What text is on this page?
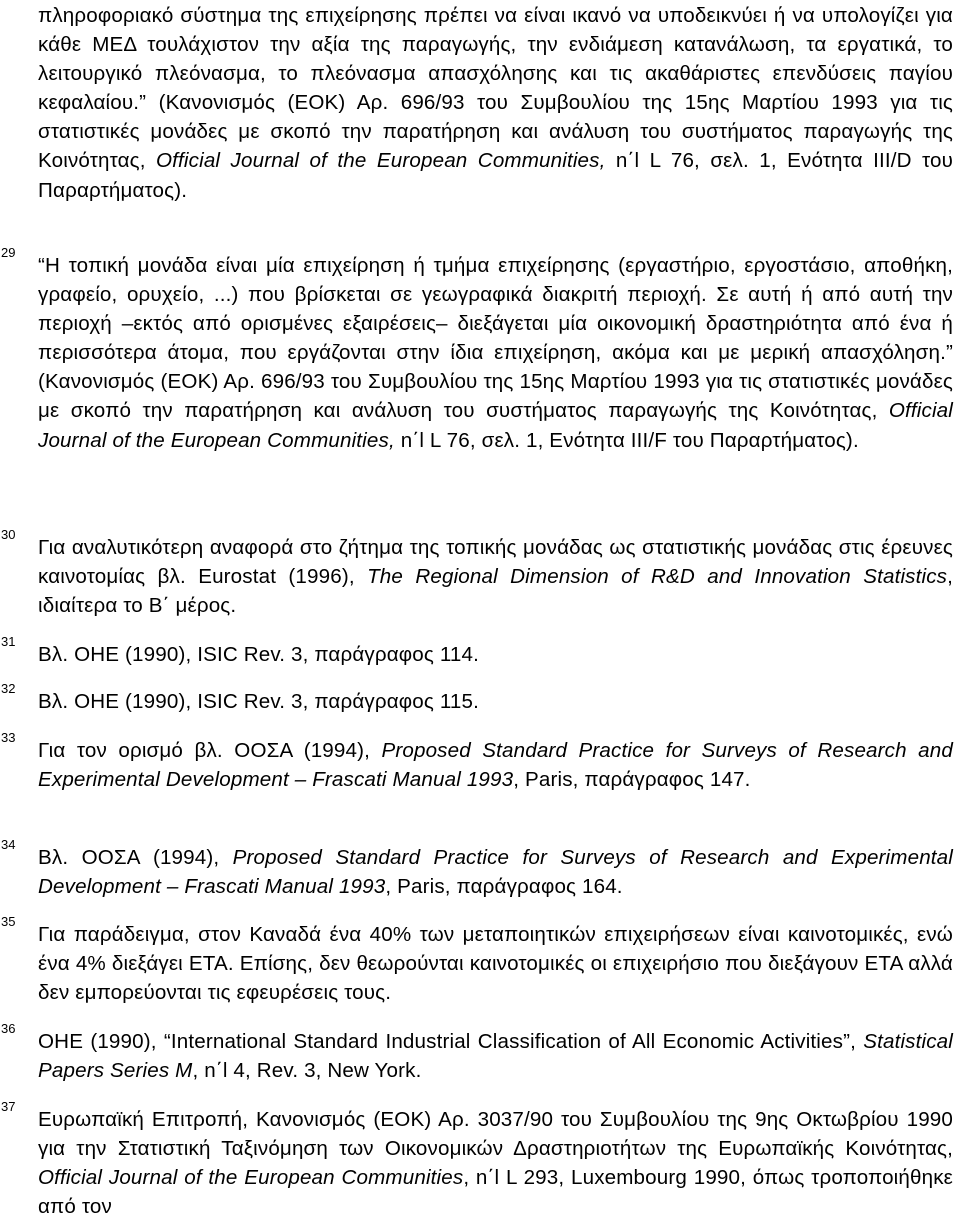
πληροφοριακό σύστημα της επιχείρησης πρέπει να είναι ικανό να υποδεικνύει ή να υπολογίζει για κάθε ΜΕΔ τουλάχιστον την αξία της παραγωγής, την ενδιάμεση κατανάλωση, τα εργατικά, το λειτουργικό πλεόνασμα, το πλεόνασμα απασχόλησης και τις ακαθάριστες επενδύσεις παγίου κεφαλαίου.” (Κανονισμός (ΕΟΚ) Αρ. 696/93 του Συμβουλίου της 15ης Μαρτίου 1993 για τις στατιστικές μονάδες με σκοπό την παρατήρηση και ανάλυση του συστήματος παραγωγής της Κοινότητας, Official Journal of the European Communities, n΄l L 76, σελ. 1, Ενότητα III/D του Παραρτήματος).
29
“Η τοπική μονάδα είναι μία επιχείρηση ή τμήμα επιχείρησης (εργαστήριο, εργοστάσιο, αποθήκη, γραφείο, ορυχείο, ...) που βρίσκεται σε γεωγραφικά διακριτή περιοχή. Σε αυτή ή από αυτή την περιοχή –εκτός από ορισμένες εξαιρέσεις– διεξάγεται μία οικονομική δραστηριότητα από ένα ή περισσότερα άτομα, που εργάζονται στην ίδια επιχείρηση, ακόμα και με μερική απασχόληση.” (Κανονισμός (ΕΟΚ) Αρ. 696/93 του Συμβουλίου της 15ης Μαρτίου 1993 για τις στατιστικές μονάδες με σκοπό την παρατήρηση και ανάλυση του συστήματος παραγωγής της Κοινότητας, Official Journal of the European Communities, n΄l L 76, σελ. 1, Ενότητα III/F του Παραρτήματος).
30
Για αναλυτικότερη αναφορά στο ζήτημα της τοπικής μονάδας ως στατιστικής μονάδας στις έρευνες καινοτομίας βλ. Eurostat (1996), The Regional Dimension of R&D and Innovation Statistics, ιδιαίτερα το Β΄ μέρος.
31
Βλ. ΟΗΕ (1990), ISIC Rev. 3, παράγραφος 114.
32
Βλ. ΟΗΕ (1990), ISIC Rev. 3, παράγραφος 115.
33
Για τον ορισμό βλ. ΟΟΣΑ (1994), Proposed Standard Practice for Surveys of Research and Experimental Development – Frascati Manual 1993, Paris, παράγραφος 147.
34
Βλ. ΟΟΣΑ (1994), Proposed Standard Practice for Surveys of Research and Experimental Development – Frascati Manual 1993, Paris, παράγραφος 164.
35
Για παράδειγμα, στον Καναδά ένα 40% των μεταποιητικών επιχειρήσεων είναι καινοτομικές, ενώ ένα 4% διεξάγει ΕΤΑ. Επίσης, δεν θεωρούνται καινοτομικές οι επιχειρήσιο που διεξάγουν ΕΤΑ αλλά δεν εμπορεύονται τις εφευρέσεις τους.
36
ΟΗΕ (1990), “International Standard Industrial Classification of All Economic Activities”, Statistical Papers Series M, n΄l 4, Rev. 3, New York.
37
Ευρωπαϊκή Επιτροπή, Κανονισμός (ΕΟΚ) Αρ. 3037/90 του Συμβουλίου της 9ης Οκτωβρίου 1990 για την Στατιστική Ταξινόμηση των Οικονομικών Δραστηριοτήτων της Ευρωπαϊκής Κοινότητας, Official Journal of the European Communities, n΄l L 293, Luxembourg 1990, όπως τροποποιήθηκε από τον
